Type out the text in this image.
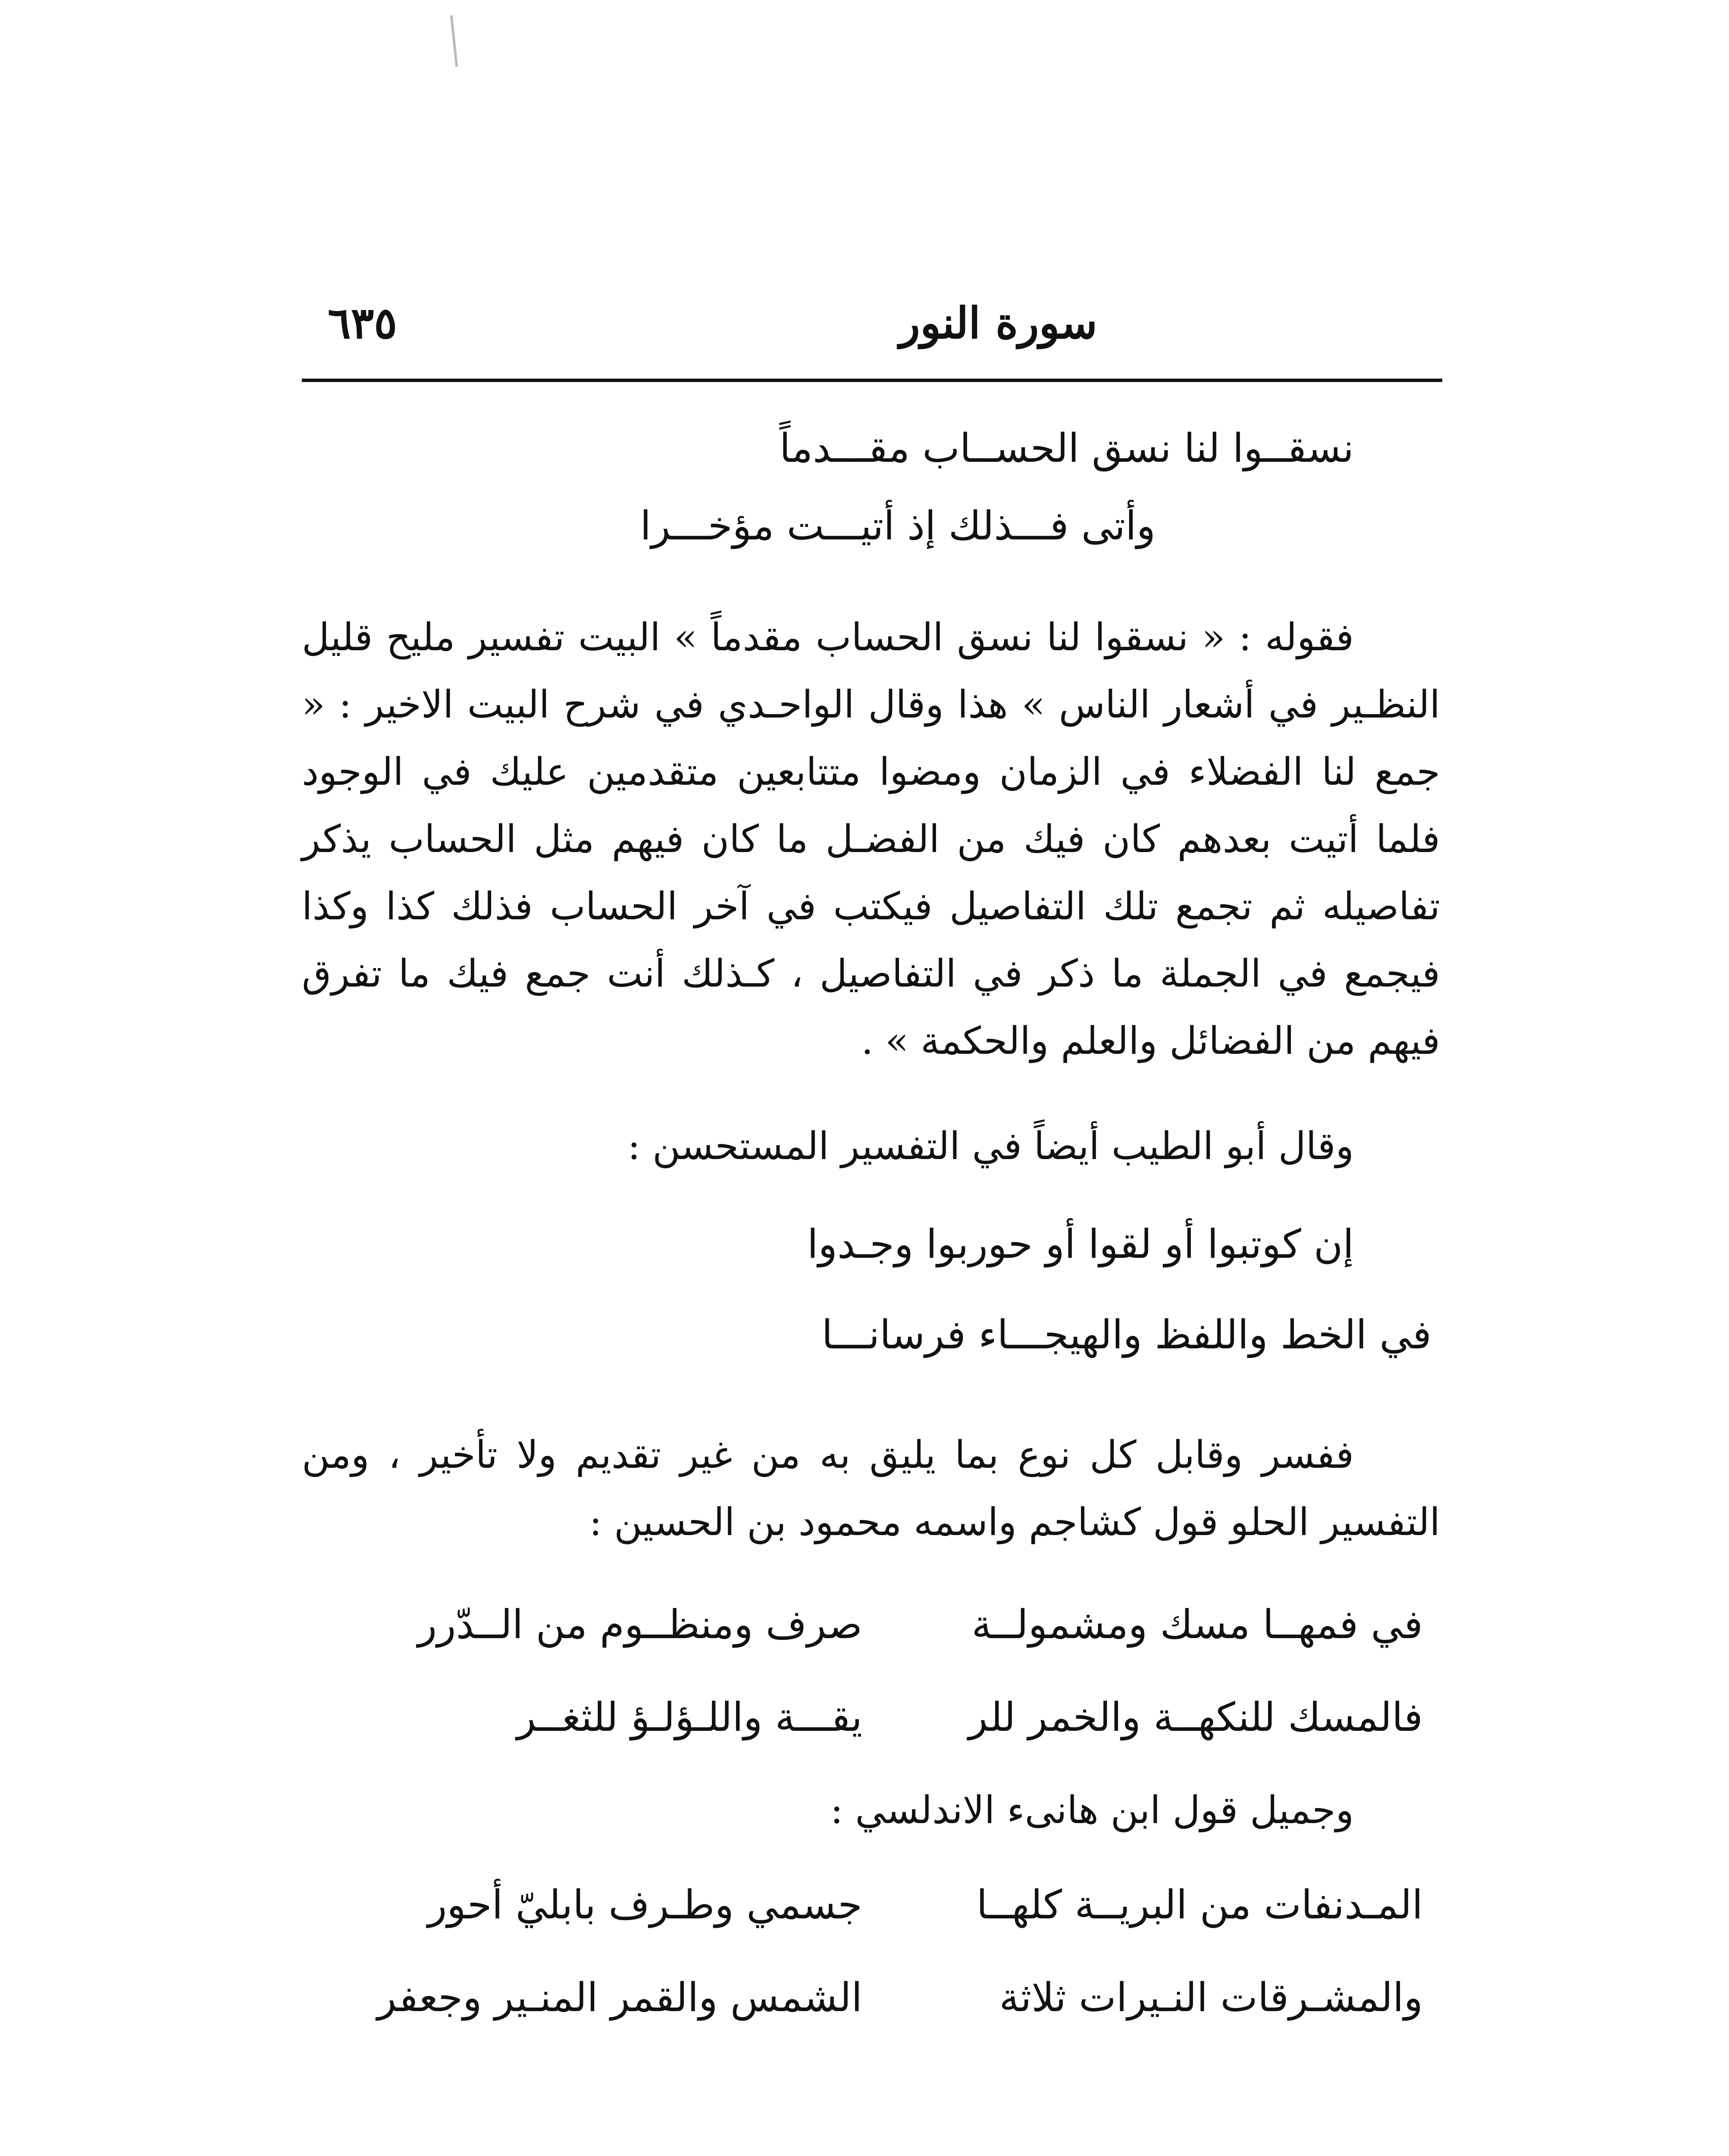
سورة النور
٦٣٥
نسقــوا لنا نسق الحســاب مقـــدماً
وأتى فـــذلك إذ أتيـــت مؤخـــرا

فقوله : « نسقوا لنا نسق الحساب مقدماً » البيت تفسير مليح قليل النظـير في أشعار الناس » هذا وقال الواحـدي في شرح البيت الاخير : « جمع لنا الفضلاء في الزمان ومضوا متتابعين متقدمين عليك في الوجود فلما أتيت بعدهم كان فيك من الفضـل ما كان فيهم مثل الحساب يذكر تفاصيله ثم تجمع تلك التفاصيل فيكتب في آخر الحساب فذلك كذا وكذا فيجمع في الجملة ما ذكر في التفاصيل ، كـذلك أنت جمع فيك ما تفرق فيهم من الفضائل والعلم والحكمة » .

وقال أبو الطيب أيضاً في التفسير المستحسن :

إن كوتبوا أو لقوا أو حوربوا وجـدوا
في الخط واللفظ والهيجـــاء فرسانـــا

ففسر وقابل كل نوع بما يليق به من غير تقديم ولا تأخير ، ومن التفسير الحلو قول كشاجم واسمه محمود بن الحسين :

في فمهــا مسك ومشمولــة
صرف ومنظــوم من الــدّرر
فالمسك للنكهــة والخمر للر
يقـــة واللـؤلـؤ للثغــر
وجميل قول ابن هانىء الاندلسي :
المـدنفات من البريــة كلهــا
جسمي وطـرف بابليّ أحور
والمشـرقات النـيرات ثلاثة
الشمس والقمر المنـير وجعفر
